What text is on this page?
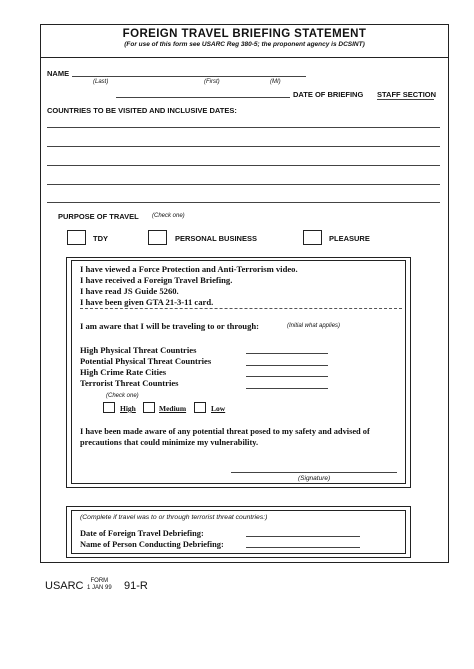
FOREIGN TRAVEL BRIEFING STATEMENT
(For use of this form see USARC Reg 380-5; the proponent agency is DCSINT)
NAME
(Last)	(First)	(MI)
DATE OF BRIEFING STAFF SECTION
COUNTRIES TO BE VISITED AND INCLUSIVE DATES:
PURPOSE OF TRAVEL (Check one)
TDY	PERSONAL BUSINESS	PLEASURE
I have viewed a Force Protection and Anti-Terrorism video.
I have received a Foreign Travel Briefing.
I have read JS Guide 5260.
I have been given GTA 21-3-11 card.
I am aware that I will be traveling to or through:	(Initial what applies)
High Physical Threat Countries
Potential Physical Threat Countries
High Crime Rate Cities
Terrorist Threat Countries
(Check one)
High	Medium	Low
I have been made aware of any potential threat posed to my safety and advised of
precautions that could minimize my vulnerability.
(Signature)
(Complete if travel was to or through terrorist threat countries:)
Date of Foreign Travel Debriefing:
Name of Person Conducting Debriefing:
USARC	FORM
1 JAN 99 91-R
